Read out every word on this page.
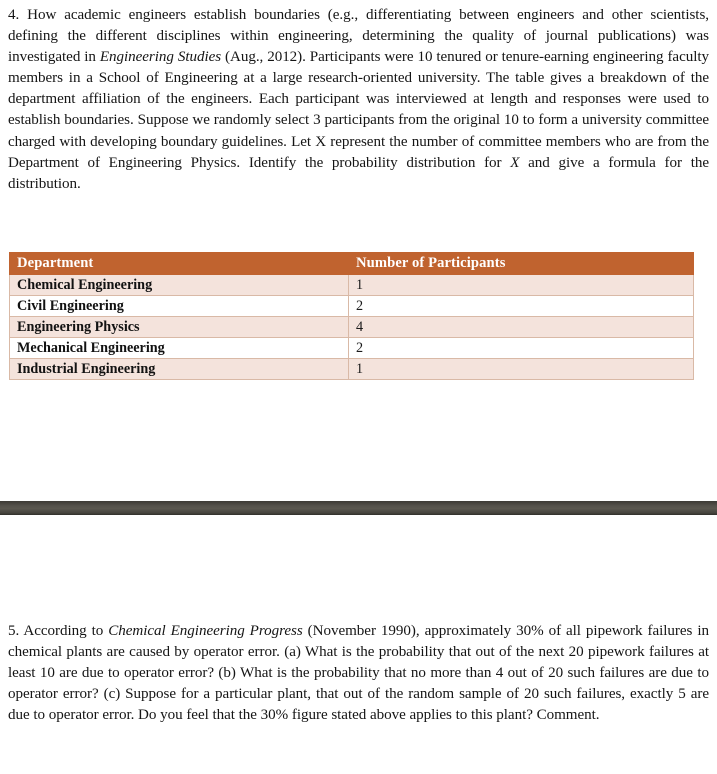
4. How academic engineers establish boundaries (e.g., differentiating between engineers and other scientists, defining the different disciplines within engineering, determining the quality of journal publications) was investigated in Engineering Studies (Aug., 2012). Participants were 10 tenured or tenure-earning engineering faculty members in a School of Engineering at a large research-oriented university. The table gives a breakdown of the department affiliation of the engineers. Each participant was interviewed at length and responses were used to establish boundaries. Suppose we randomly select 3 participants from the original 10 to form a university committee charged with developing boundary guidelines. Let X represent the number of committee members who are from the Department of Engineering Physics. Identify the probability distribution for X and give a formula for the distribution.
Department	Number of Participants
Chemical Engineering	1
Civil Engineering	2
Engineering Physics	4
Mechanical Engineering	2
Industrial Engineering	1
5. According to Chemical Engineering Progress (November 1990), approximately 30% of all pipework failures in chemical plants are caused by operator error. (a) What is the probability that out of the next 20 pipework failures at least 10 are due to operator error? (b) What is the probability that no more than 4 out of 20 such failures are due to operator error? (c) Suppose for a particular plant, that out of the random sample of 20 such failures, exactly 5 are due to operator error. Do you feel that the 30% figure stated above applies to this plant? Comment.
